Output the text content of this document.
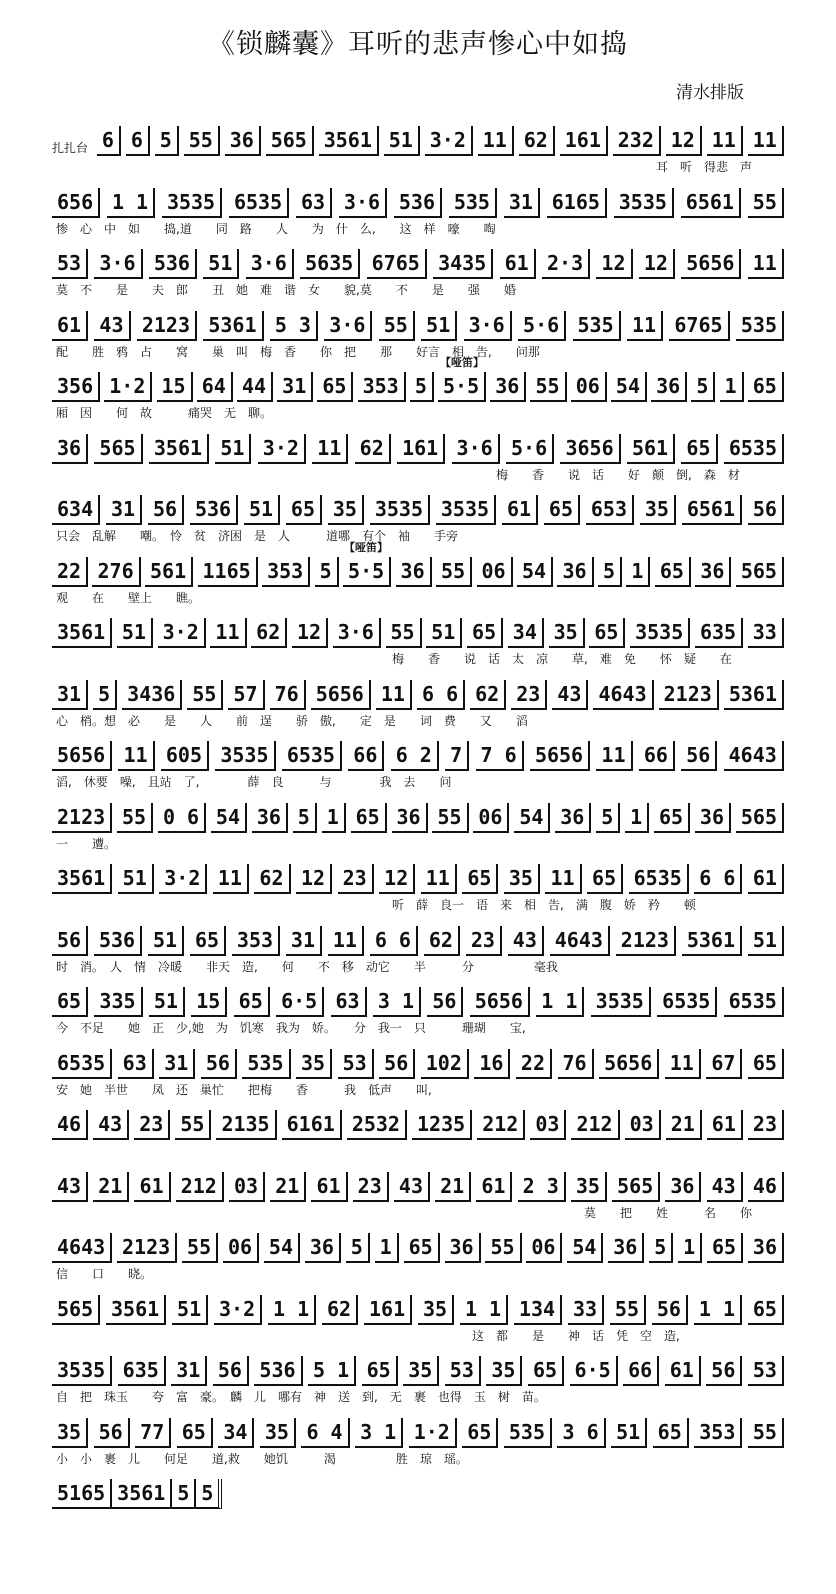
《锁麟囊》耳听的悲声惨心中如捣
清水排版
扎扎台 6 6 5 55 36 565 3561 51 3·2 11 62 161 232 12 11 11
耳　听　得悲　声
656 1 1 3535 6535 63 3·6 536 535 31 6165 3535 6561 55
惨　心　中　如　　捣,道　　同　路　　人　　为　什　么,　　这　样　嚎　　啕
53 3·6 536 51 3·6 5635 6765 3435 61 2·3 12 12 5656 11
莫　不　　是　　夫　郎　　丑　她　难　谐　女　　貌,莫　　不　　是　　强　　婚
61 43 2123 5361 5 3 3·6 55 51 3·6 5·6 535 11 6765 535
配　　胜　鸦　占　　窝　　巢　叫　梅　香　　你　把　　那　　好言　相　告,　　问那
356 1·2 15 64 44 31 65 353 5 5·5 36 55 06 54 36 5 1 65
厢　因　　何　故　　　痛哭　无　聊。
【哑笛】
36 565 3561 51 3·2 11 62 161 3·6 5·6 3656 561 65 6535
梅　　香　　说　话　　好　颠　倒,　森　材
634 31 56 536 51 65 35 3535 3535 61 65 653 35 6561 56
只会　乱解　　嘲。　怜　贫　济困　是　人　　　道哪　有个　袖　　手旁
22 276 561 1165 353 5 5·5 36 55 06 54 36 5 1 65 36 565
观　　在　　壁上　　瞧。
【哑笛】
3561 51 3·2 11 62 12 3·6 55 51 65 34 35 65 3535 635 33
梅　　香　　说　话　太　凉　　草,　难　免　　怀　疑　　在
31 5 3436 55 57 76 5656 11 6 6 62 23 43 4643 2123 5361
心　梢。想　必　　是　　人　　前　逞　　骄　傲,　　定　是　　词　费　　又　　滔
5656 11 605 3535 6535 66 6 2 7 7 6 5656 11 66 56 4643
滔,　休要　噪,　且站　了,　　　　薛　良　　　与　　　　我　去　　问
2123 55 0 6 54 36 5 1 65 36 55 06 54 36 5 1 65 36 565
一　　遭。
3561 51 3·2 11 62 12 23 12 11 65 35 11 65 6535 6 6 61
听　薛　良一　语　来　相　告,　满　腹　娇　矜　　顿
56 536 51 65 353 31 11 6 6 62 23 43 4643 2123 5361 51
时　消。　人　情　冷暖　　非天　造,　　何　　不　移　动它　　半　　　分　　　　　毫我
65 335 51 15 65 6·5 63 3 1 56 5656 1 1 3535 6535 6535
今　不足　　她　正　少,她　为　饥寒　我为　娇。　　分　我一　只　　　珊瑚　　宝,
6535 63 31 56 535 35 53 56 102 16 22 76 5656 11 67 65
安　她　半世　　凤　还　巢忙　　把梅　　香　　　我　低声　　叫,
46 43 23 55 2135 6161 2532 1235 212 03 212 03 21 61 23
43 21 61 212 03 21 61 23 43 21 61 2 3 35 565 36 43 46
莫　　把　　姓　　　名　　你
4643 2123 55 06 54 36 5 1 65 36 55 06 54 36 5 1 65 36
信　　口　　晓。
565 3561 51 3·2 1 1 62 161 35 1 1 134 33 55 56 1 1 65
这　都　　是　　神　话　凭　空　造,
3535 635 31 56 536 5 1 65 35 53 35 65 6·5 66 61 56 53
自　把　珠玉　　夸　富　豪。　麟　儿　哪有　神　送　到,　无　裹　也得　玉　树　苗。
35 56 77 65 34 35 6 4 3 1 1·2 65 535 3 6 51 65 353 55
小　小　裹　儿　　何足　　道,救　　她饥　　　渴　　　　　胜　琼　瑶。
5165 3561 5 5
